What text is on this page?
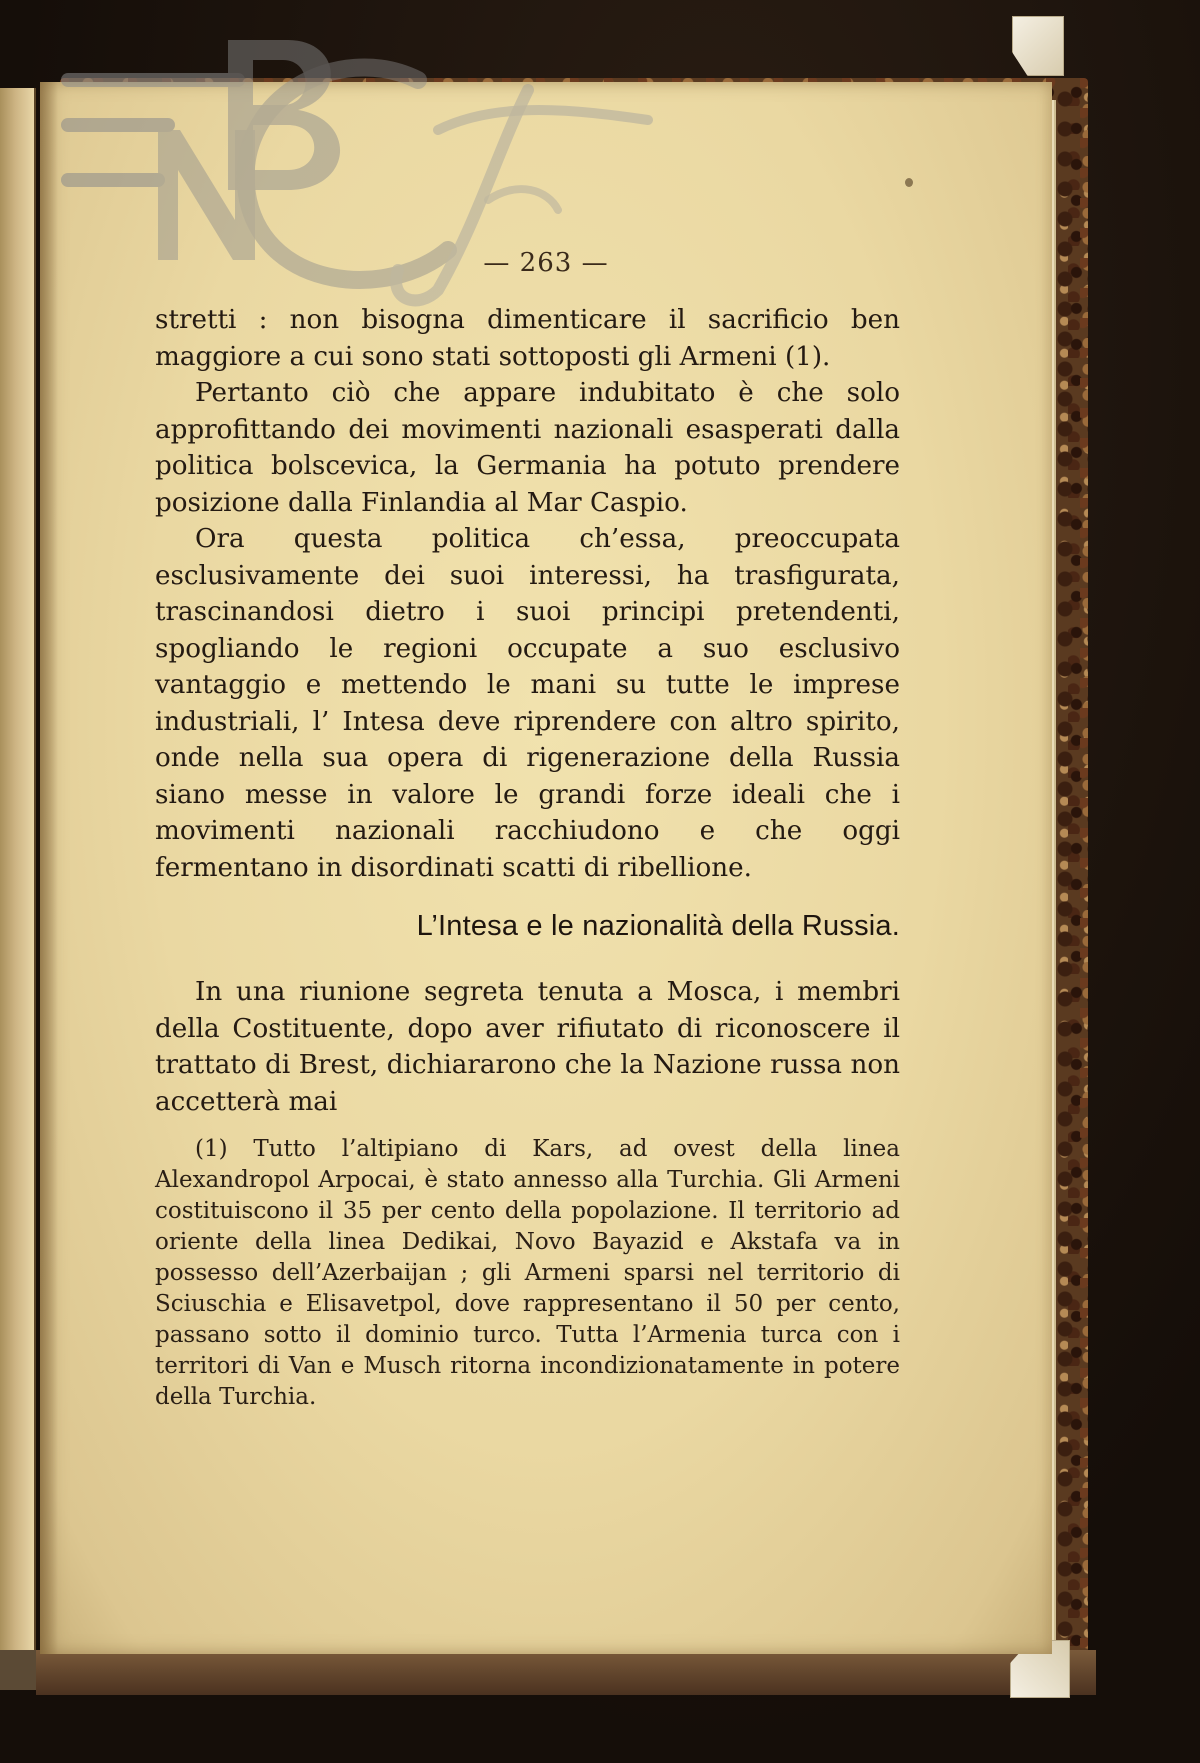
— 263 —

stretti : non bisogna dimenticare il sacrificio ben maggiore a cui sono stati sottoposti gli Armeni (1).

Pertanto ciò che appare indubitato è che solo approfittando dei movimenti nazionali esasperati dalla politica bolscevica, la Germania ha potuto prendere posizione dalla Finlandia al Mar Caspio.

Ora questa politica ch’essa, preoccupata esclusivamente dei suoi interessi, ha trasfigurata, trascinandosi dietro i suoi principi pretendenti, spogliando le regioni occupate a suo esclusivo vantaggio e mettendo le mani su tutte le imprese industriali, l’ Intesa deve riprendere con altro spirito, onde nella sua opera di rigenerazione della Russia siano messe in valore le grandi forze ideali che i movimenti nazionali racchiudono e che oggi fermentano in disordinati scatti di ribellione.

L’Intesa e le nazionalità della Russia.

In una riunione segreta tenuta a Mosca, i membri della Costituente, dopo aver rifiutato di riconoscere il trattato di Brest, dichiararono che la Nazione russa non accetterà mai

(1) Tutto l’altipiano di Kars, ad ovest della linea Alexandropol Arpocai, è stato annesso alla Turchia. Gli Armeni costituiscono il 35 per cento della popolazione. Il territorio ad oriente della linea Dedikai, Novo Bayazid e Akstafa va in possesso dell’Azerbaijan ; gli Armeni sparsi nel territorio di Sciuschia e Elisavetpol, dove rappresentano il 50 per cento, passano sotto il dominio turco. Tutta l’Armenia turca con i territori di Van e Musch ritorna incondizionatamente in potere della Turchia.
